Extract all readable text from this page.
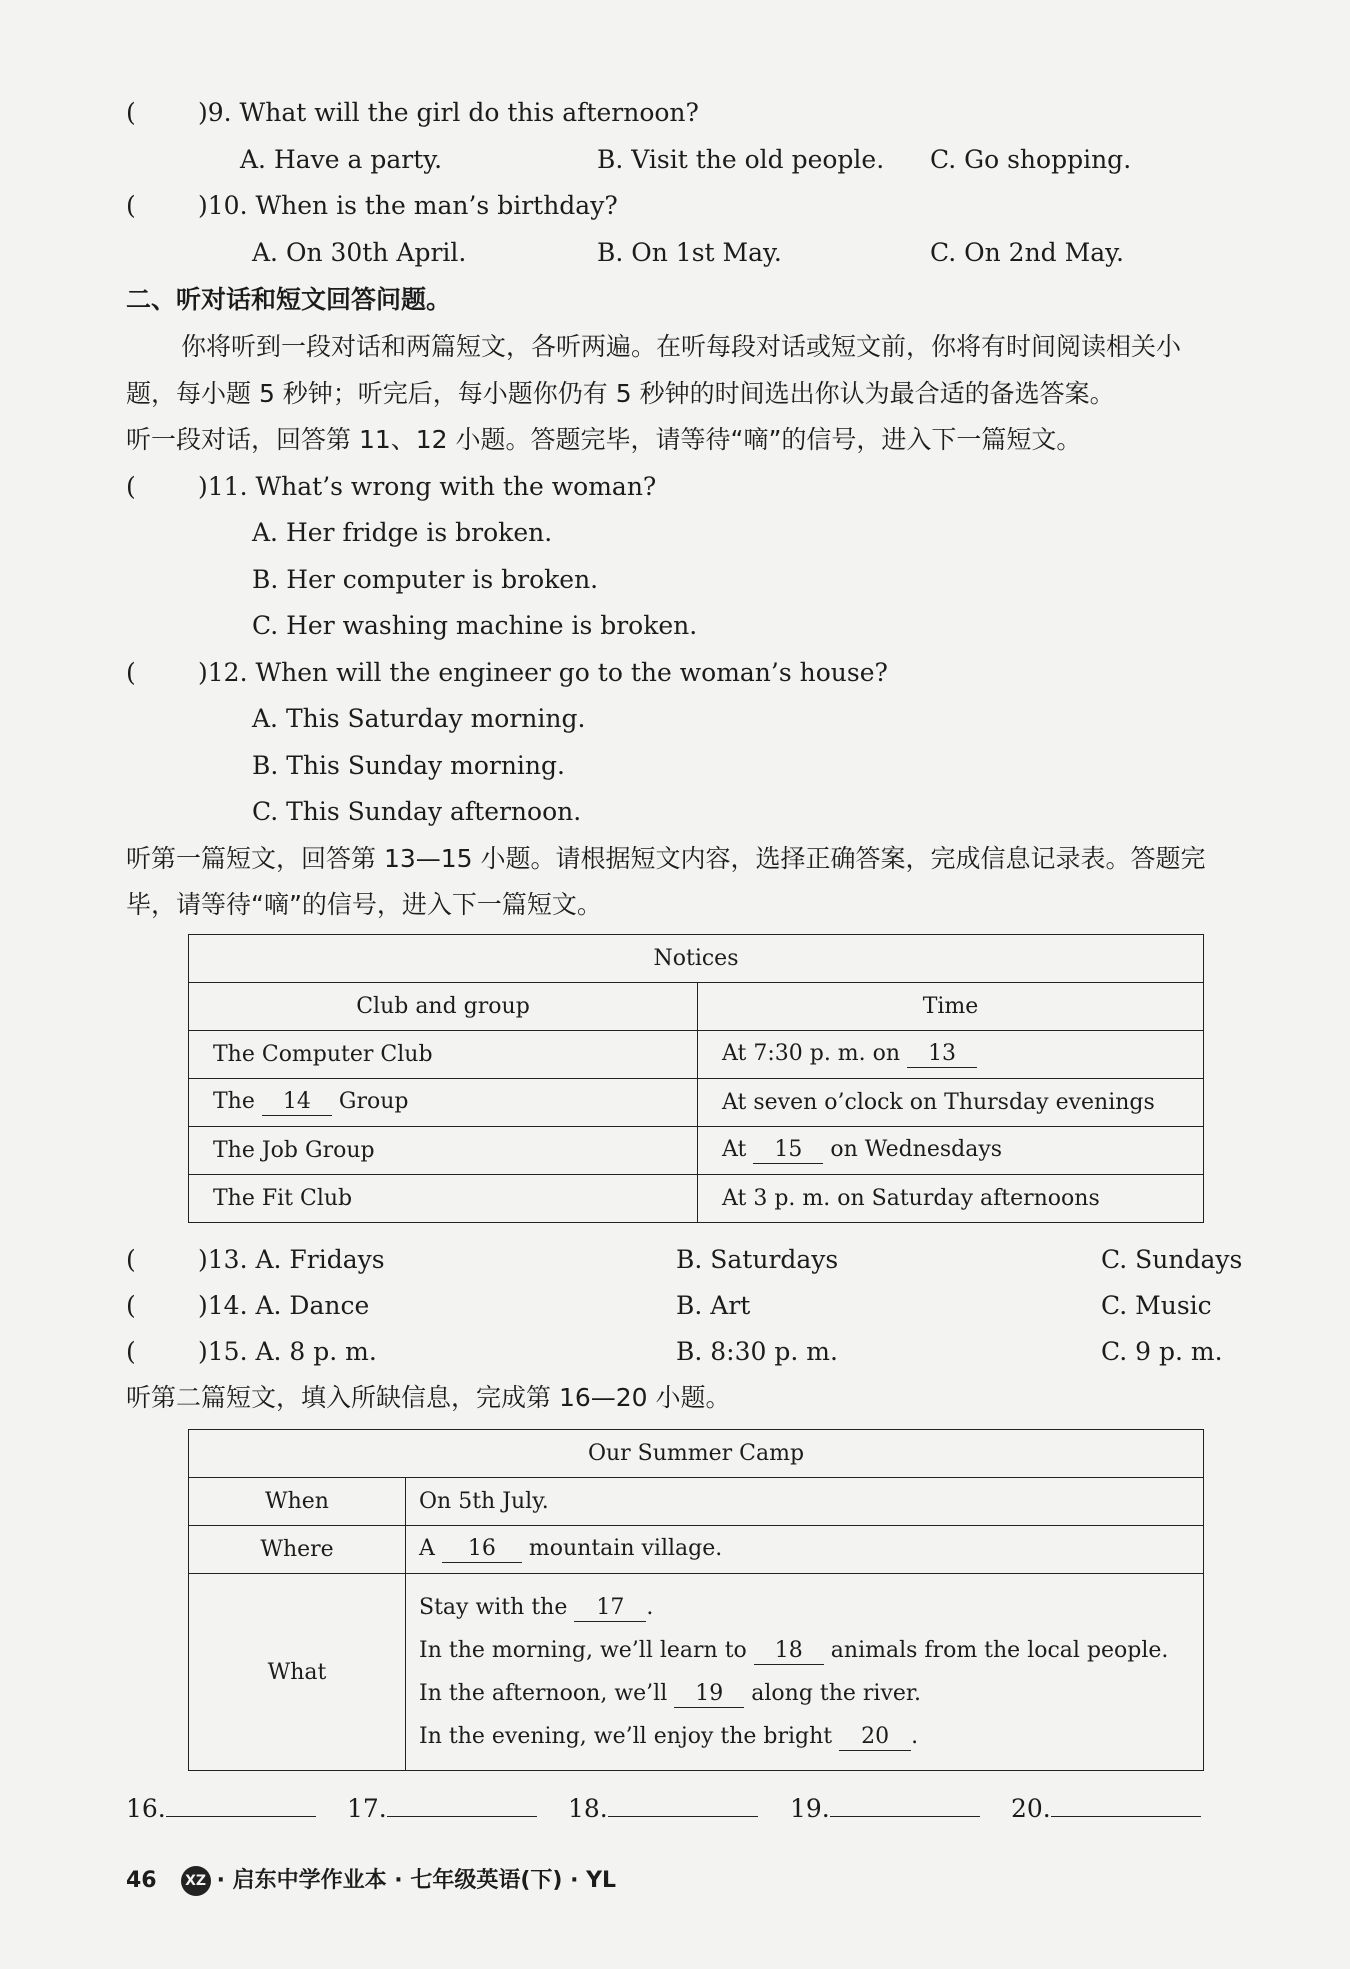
( )9. What will the girl do this afternoon?
A. Have a party.	B. Visit the old people. C. Go shopping.
( )10. When is the man’s birthday?
A. On 30th April.	B. On 1st May.	C. On 2nd May.
二、听对话和短文回答问题。
你将听到一段对话和两篇短文，各听两遍。在听每段对话或短文前，你将有时间阅读相关小
题，每小题 5 秒钟；听完后，每小题你仍有 5 秒钟的时间选出你认为最合适的备选答案。
听一段对话，回答第 11、12 小题。答题完毕，请等待“嘀”的信号，进入下一篇短文。
( )11. What’s wrong with the woman?
A. Her fridge is broken.
B. Her computer is broken.
C. Her washing machine is broken.
( )12. When will the engineer go to the woman’s house?
A. This Saturday morning.
B. This Sunday morning.
C. This Sunday afternoon.
听第一篇短文，回答第 13—15 小题。请根据短文内容，选择正确答案，完成信息记录表。答题完
毕，请等待“嘀”的信号，进入下一篇短文。
Notices	
Club and group	Time
The Computer Club	At 7:30 p. m. on 13
The 14 Group	At seven o’clock on Thursday evenings
The Job Group	At 15 on Wednesdays
The Fit Club	At 3 p. m. on Saturday afternoons
( )13. A. Fridays	B. Saturdays	C. Sundays
( )14. A. Dance	B. Art	C. Music
( )15. A. 8 p. m.	B. 8:30 p. m.	C. 9 p. m.
听第二篇短文，填入所缺信息，完成第 16—20 小题。
Our Summer Camp	
When	On 5th July.
Where	A 16 mountain village.
What	Stay with the 17 .
In the morning, we’ll learn to 18 animals from the local people.
In the afternoon, we’ll 19 along the river.
In the evening, we’ll enjoy the bright 20 .
16.	17.	18.	19.	20.
46 XZ · 启东中学作业本 · 七年级英语(下) · YL
